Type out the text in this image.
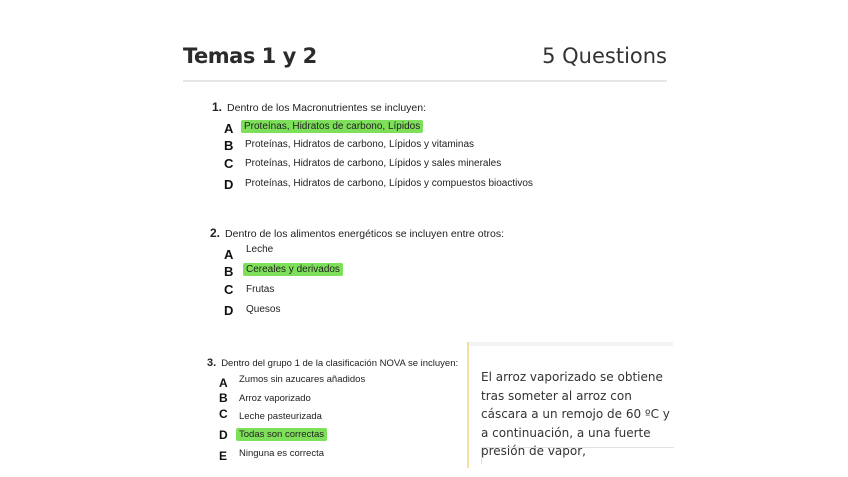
Temas 1 y 2	5 Questions
1. Dentro de los Macronutrientes se incluyen:
A	Proteínas, Hidratos de carbono, Lípidos
B Proteínas, Hidratos de carbono, Lípidos y vitaminas
C Proteínas, Hidratos de carbono, Lípidos y sales minerales
D Proteínas, Hidratos de carbono, Lípidos y compuestos bioactivos
2. Dentro de los alimentos energéticos se incluyen entre otros:
A Leche
B	Cereales y derivados
C Frutas
D Quesos
3. Dentro del grupo 1 de la clasificación NOVA se incluyen:
A Zumos sin azucares añadidos
B Arroz vaporizado
C Leche pasteurizada
D	Todas son correctas
E Ninguna es correcta
El arroz vaporizado se obtiene tras someter al arroz con cáscara a un remojo de 60 ºC y a continuación, a una fuerte presión de vapor,
